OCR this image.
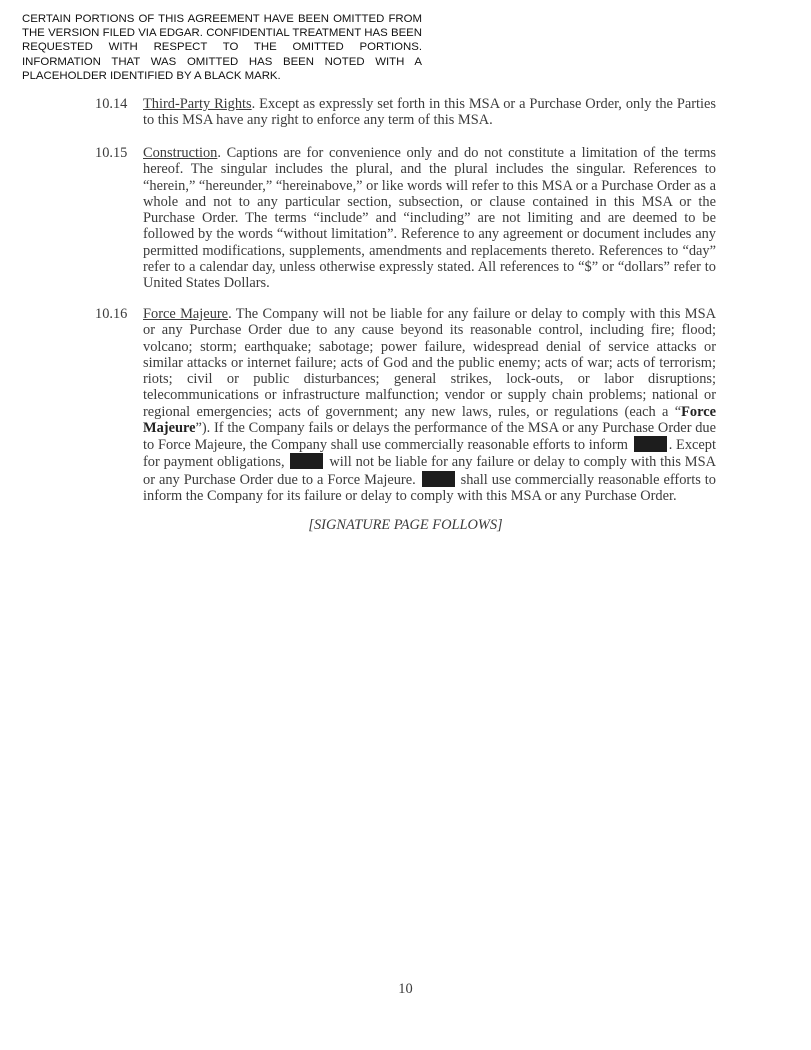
CERTAIN PORTIONS OF THIS AGREEMENT HAVE BEEN OMITTED FROM THE VERSION FILED VIA EDGAR. CONFIDENTIAL TREATMENT HAS BEEN REQUESTED WITH RESPECT TO THE OMITTED PORTIONS. INFORMATION THAT WAS OMITTED HAS BEEN NOTED WITH A
PLACEHOLDER IDENTIFIED BY A BLACK MARK.
10.14	Third-Party Rights. Except as expressly set forth in this MSA or a Purchase Order, only the Parties to this MSA have any right to enforce any term of this MSA.
10.15	Construction. Captions are for convenience only and do not constitute a limitation of the terms hereof. The singular includes the plural, and the plural includes the singular. References to “herein,” “hereunder,” “hereinabove,” or like words will refer to this MSA or a Purchase Order as a whole and not to any particular section, subsection, or clause contained in this MSA or the Purchase Order. The terms “include” and “including” are not limiting and are deemed to be followed by the words “without limitation”. Reference to any agreement or document includes any permitted modifications, supplements, amendments and replacements thereto. References to “day” refer to a calendar day, unless otherwise expressly stated. All references to “$” or “dollars” refer to United States Dollars.
10.16	Force Majeure. The Company will not be liable for any failure or delay to comply with this MSA or any Purchase Order due to any cause beyond its reasonable control, including fire; flood; volcano; storm; earthquake; sabotage; power failure, widespread denial of service attacks or similar attacks or internet failure; acts of God and the public enemy; acts of war; acts of terrorism; riots; civil or public disturbances; general strikes, lock-outs, or labor disruptions; telecommunications or infrastructure malfunction; vendor or supply chain problems; national or regional emergencies; acts of government; any new laws, rules, or regulations (each a “Force Majeure”). If the Company fails or delays the performance of the MSA or any Purchase Order due to Force Majeure, the Company shall use commercially reasonable efforts to inform	. Except for payment obligations,	will not be liable for any failure or delay to comply with this MSA or any Purchase Order due to a Force Majeure.	shall use commercially reasonable efforts to inform the Company for its failure or delay to comply with this MSA or any Purchase Order.
[SIGNATURE PAGE FOLLOWS]
10
